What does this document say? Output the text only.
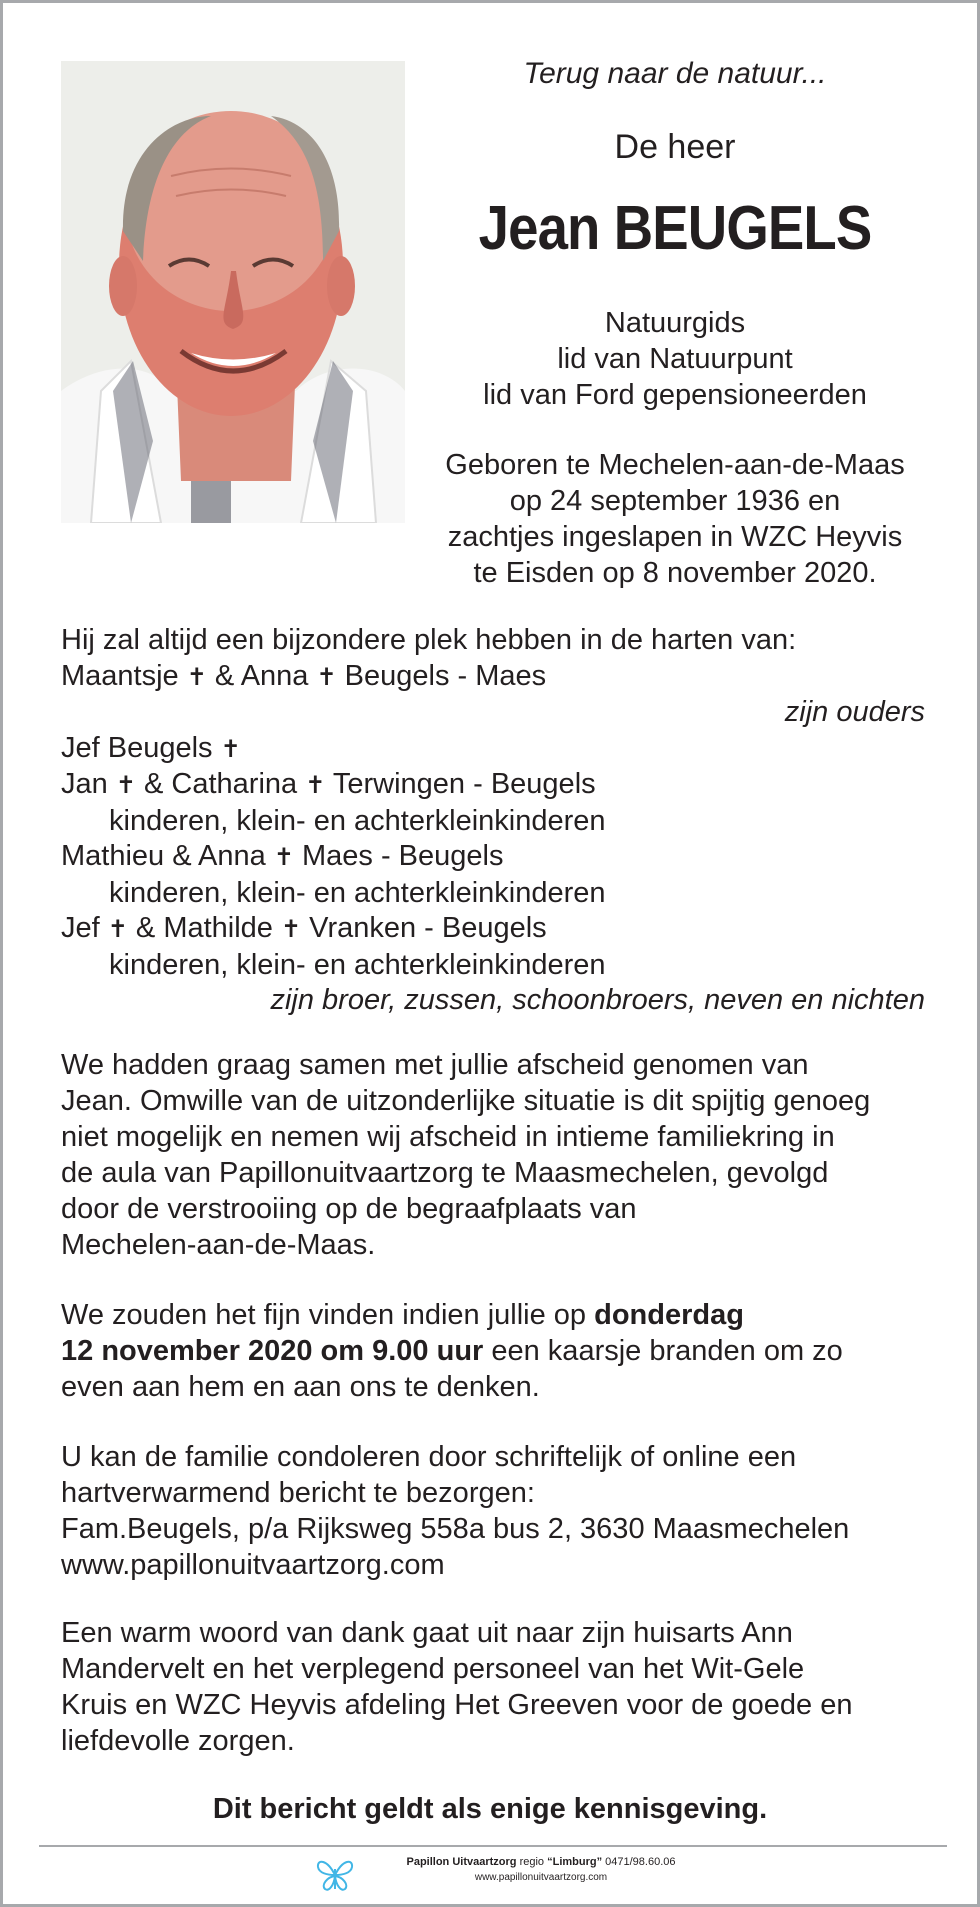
Terug naar de natuur...
De heer
Jean BEUGELS
Natuurgids
lid van Natuurpunt
lid van Ford gepensioneerden
Geboren te Mechelen-aan-de-Maas
op 24 september 1936 en
zachtjes ingeslapen in WZC Heyvis
te Eisden op 8 november 2020.
Hij zal altijd een bijzondere plek hebben in de harten van:
Maantsje ✝ & Anna ✝ Beugels - Maes
zijn ouders
Jef Beugels ✝
Jan ✝ & Catharina ✝ Terwingen - Beugels
kinderen, klein- en achterkleinkinderen
Mathieu & Anna ✝ Maes - Beugels
kinderen, klein- en achterkleinkinderen
Jef ✝ & Mathilde ✝ Vranken - Beugels
kinderen, klein- en achterkleinkinderen
zijn broer, zussen, schoonbroers, neven en nichten
We hadden graag samen met jullie afscheid genomen van
Jean. Omwille van de uitzonderlijke situatie is dit spijtig genoeg
niet mogelijk en nemen wij afscheid in intieme familiekring in
de aula van Papillonuitvaartzorg te Maasmechelen, gevolgd
door de verstrooiing op de begraafplaats van
Mechelen-aan-de-Maas.
We zouden het fijn vinden indien jullie op donderdag
12 november 2020 om 9.00 uur een kaarsje branden om zo
even aan hem en aan ons te denken.
U kan de familie condoleren door schriftelijk of online een
hartverwarmend bericht te bezorgen:
Fam.Beugels, p/a Rijksweg 558a bus 2, 3630 Maasmechelen
www.papillonuitvaartzorg.com
Een warm woord van dank gaat uit naar zijn huisarts Ann
Mandervelt en het verplegend personeel van het Wit-Gele
Kruis en WZC Heyvis afdeling Het Greeven voor de goede en
liefdevolle zorgen.
Dit bericht geldt als enige kennisgeving.
Papillon Uitvaartzorg regio “Limburg” 0471/98.60.06
www.papillonuitvaartzorg.com
